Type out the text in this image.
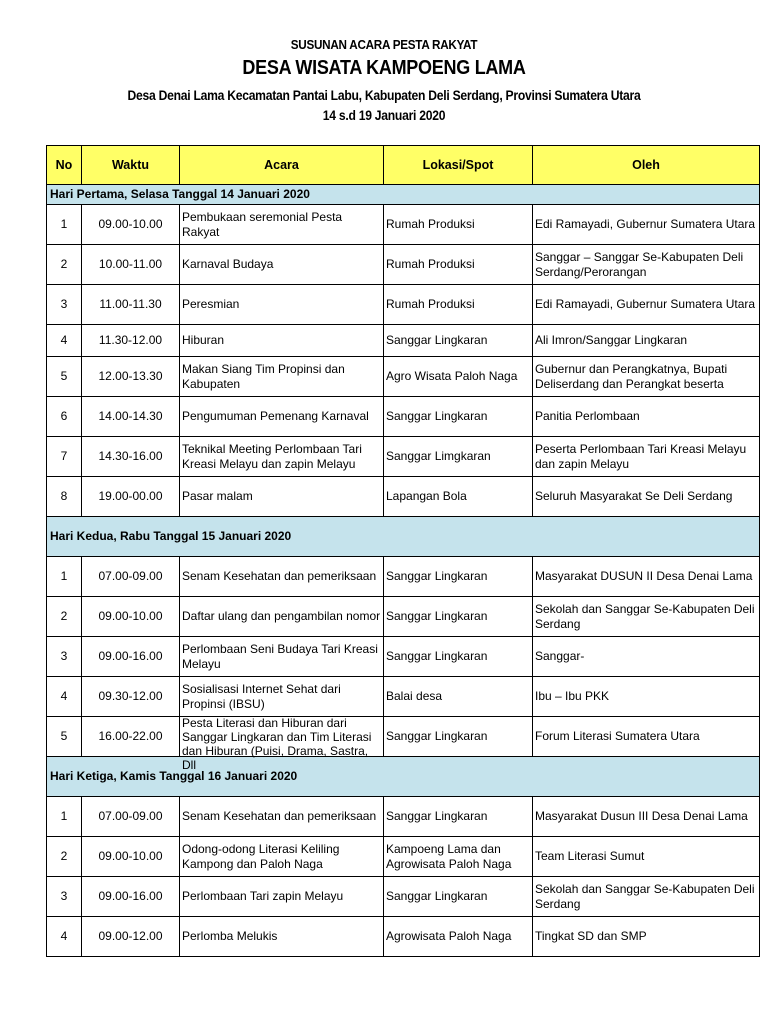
SUSUNAN ACARA PESTA RAKYAT
DESA WISATA KAMPOENG LAMA
Desa Denai Lama Kecamatan Pantai Labu, Kabupaten Deli Serdang, Provinsi Sumatera Utara
14 s.d 19 Januari 2020
No	Waktu	Acara	Lokasi/Spot	Oleh
Hari Pertama, Selasa Tanggal 14 Januari 2020				
1	09.00-10.00	Pembukaan seremonial Pesta Rakyat	Rumah Produksi	Edi Ramayadi, Gubernur Sumatera Utara
2	10.00-11.00	Karnaval Budaya	Rumah Produksi	Sanggar – Sanggar Se-Kabupaten Deli Serdang/Perorangan
3	11.00-11.30	Peresmian	Rumah Produksi	Edi Ramayadi, Gubernur Sumatera Utara
4	11.30-12.00	Hiburan	Sanggar Lingkaran	Ali Imron/Sanggar Lingkaran
5	12.00-13.30	Makan Siang Tim Propinsi dan Kabupaten	Agro Wisata Paloh Naga	Gubernur dan Perangkatnya, Bupati Deliserdang dan Perangkat beserta
6	14.00-14.30	Pengumuman Pemenang Karnaval	Sanggar Lingkaran	Panitia Perlombaan
7	14.30-16.00	Teknikal Meeting Perlombaan Tari Kreasi Melayu dan zapin Melayu	Sanggar Limgkaran	Peserta Perlombaan Tari Kreasi Melayu dan zapin Melayu
8	19.00-00.00	Pasar malam	Lapangan Bola	Seluruh Masyarakat Se Deli Serdang
Hari Kedua, Rabu Tanggal 15 Januari 2020				
1	07.00-09.00	Senam Kesehatan dan pemeriksaan	Sanggar Lingkaran	Masyarakat DUSUN II Desa Denai Lama
2	09.00-10.00	Daftar ulang dan pengambilan nomor	Sanggar Lingkaran	Sekolah dan Sanggar Se-Kabupaten Deli Serdang
3	09.00-16.00	Perlombaan Seni Budaya Tari Kreasi Melayu	Sanggar Lingkaran	Sanggar-
4	09.30-12.00	Sosialisasi Internet Sehat dari Propinsi (IBSU)	Balai desa	Ibu – Ibu PKK
5	16.00-22.00	Pesta Literasi dan Hiburan dari Sanggar Lingkaran dan Tim Literasi dan Hiburan (Puisi, Drama, Sastra, Dll	Sanggar Lingkaran	Forum Literasi Sumatera Utara
Hari Ketiga, Kamis Tanggal 16 Januari 2020				
1	07.00-09.00	Senam Kesehatan dan pemeriksaan	Sanggar Lingkaran	Masyarakat Dusun III Desa Denai Lama
2	09.00-10.00	Odong-odong Literasi Keliling Kampong dan Paloh Naga	Kampoeng Lama dan Agrowisata Paloh Naga	Team Literasi Sumut
3	09.00-16.00	Perlombaan Tari zapin Melayu	Sanggar Lingkaran	Sekolah dan Sanggar Se-Kabupaten Deli Serdang
4	09.00-12.00	Perlomba Melukis	Agrowisata Paloh Naga	Tingkat SD dan SMP
